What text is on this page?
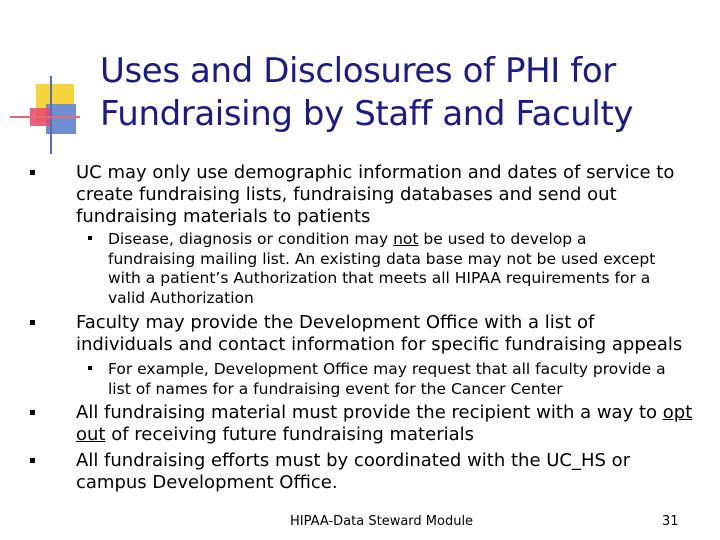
Uses and Disclosures of PHI for
Fundraising by Staff and Faculty
UC may only use demographic information and dates of service to
create fundraising lists, fundraising databases and send out
fundraising materials to patients
Disease, diagnosis or condition may not be used to develop a
fundraising mailing list. An existing data base may not be used except
with a patient’s Authorization that meets all HIPAA requirements for a
valid Authorization
Faculty may provide the Development Office with a list of
individuals and contact information for specific fundraising appeals
For example, Development Office may request that all faculty provide a
list of names for a fundraising event for the Cancer Center
All fundraising material must provide the recipient with a way to opt
out of receiving future fundraising materials
All fundraising efforts must by coordinated with the UC_HS or
campus Development Office.
HIPAA-Data Steward Module	31
